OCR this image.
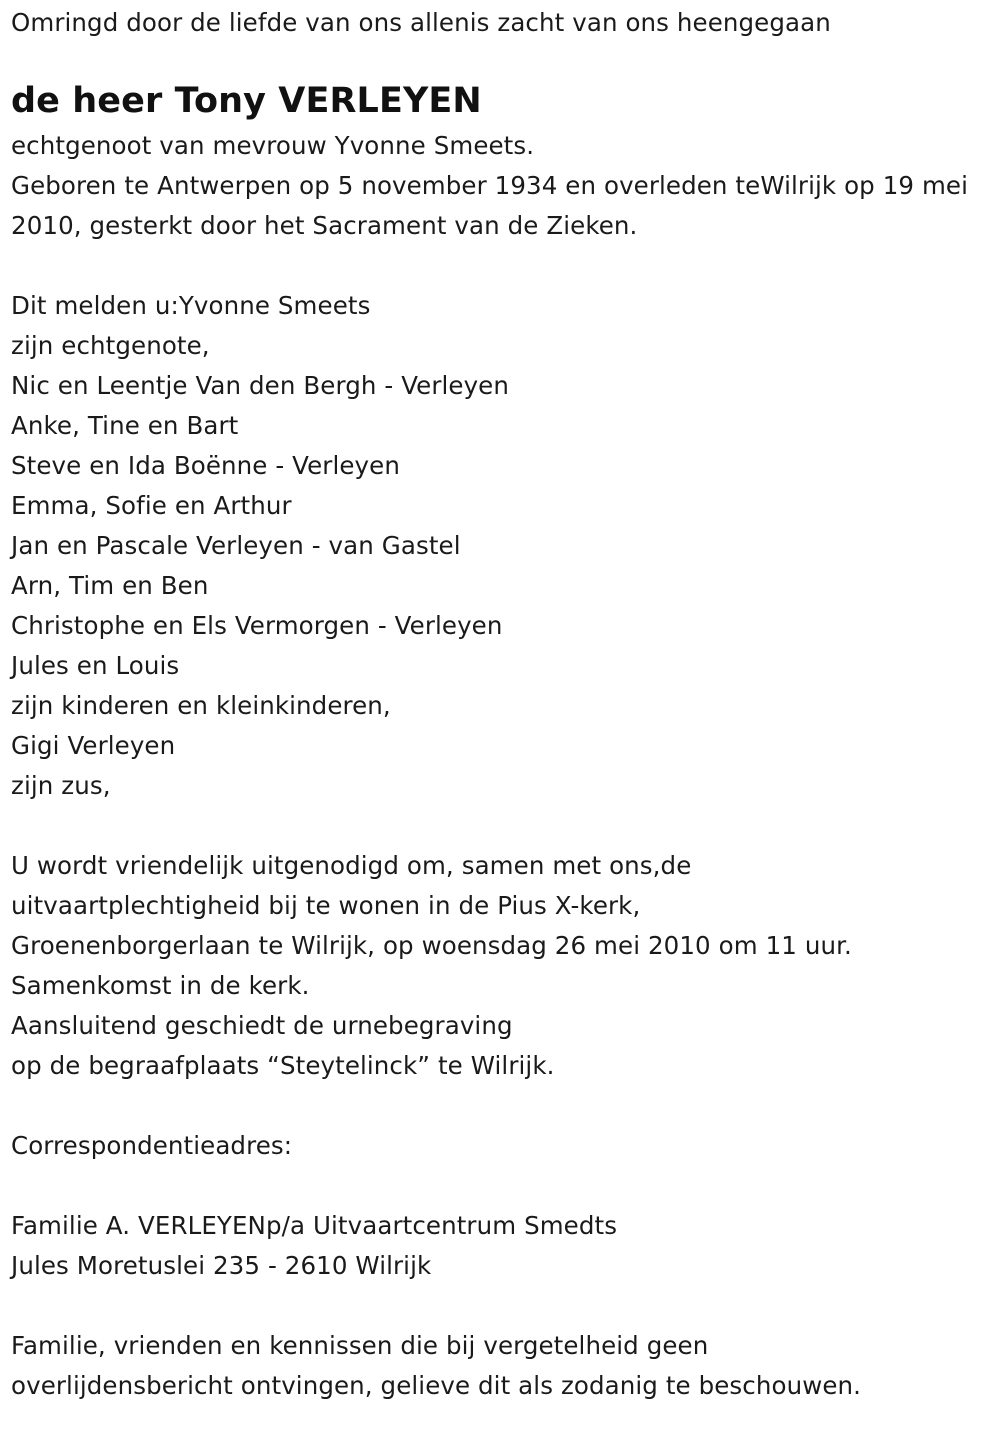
Omringd door de liefde van ons allenis zacht van ons heengegaan
de heer Tony VERLEYEN
echtgenoot van mevrouw Yvonne Smeets.
Geboren te Antwerpen op 5 november 1934 en overleden teWilrijk op 19 mei 2010, gesterkt door het Sacrament van de Zieken.
Dit melden u:Yvonne Smeets
zijn echtgenote,
Nic en Leentje Van den Bergh - Verleyen
Anke, Tine en Bart
Steve en Ida Boënne - Verleyen
Emma, Sofie en Arthur
Jan en Pascale Verleyen - van Gastel
Arn, Tim en Ben
Christophe en Els Vermorgen - Verleyen
Jules en Louis
zijn kinderen en kleinkinderen,
Gigi Verleyen
zijn zus,
U wordt vriendelijk uitgenodigd om, samen met ons,de
uitvaartplechtigheid bij te wonen in de Pius X-kerk,
Groenenborgerlaan te Wilrijk, op woensdag 26 mei 2010 om 11 uur.
Samenkomst in de kerk.
Aansluitend geschiedt de urnebegraving
op de begraafplaats “Steytelinck” te Wilrijk.
Correspondentieadres:
Familie A. VERLEYENp/a Uitvaartcentrum Smedts
Jules Moretuslei 235 - 2610 Wilrijk
Familie, vrienden en kennissen die bij vergetelheid geen
overlijdensbericht ontvingen, gelieve dit als zodanig te beschouwen.
